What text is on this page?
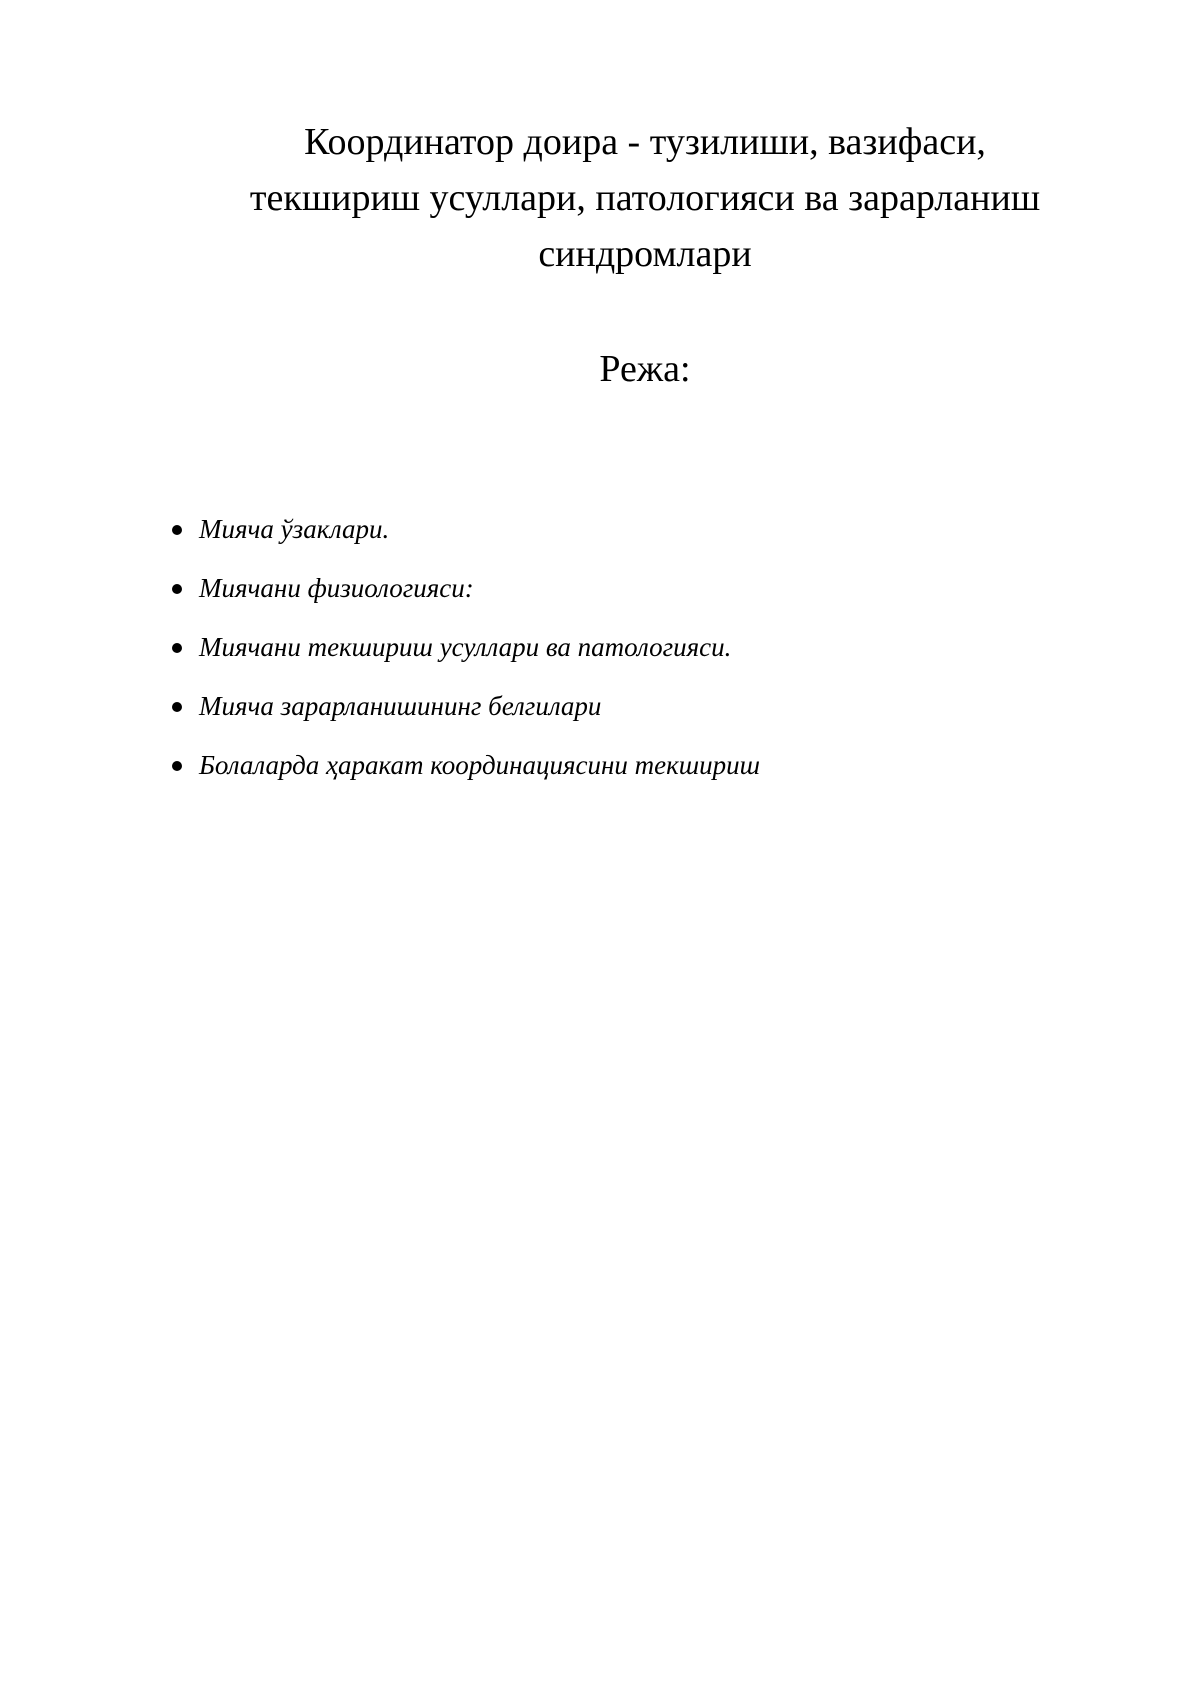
Координатор доира - тузилиши, вазифаси,
текшириш усуллари, патологияси ва зарарланиш
синдромлари
Режа:
Мияча ўзаклари.
Миячани физиологияси:
Миячани текшириш усуллари ва патологияси.
Мияча зарарланишининг белгилари
Болаларда ҳаракат координациясини текшириш
